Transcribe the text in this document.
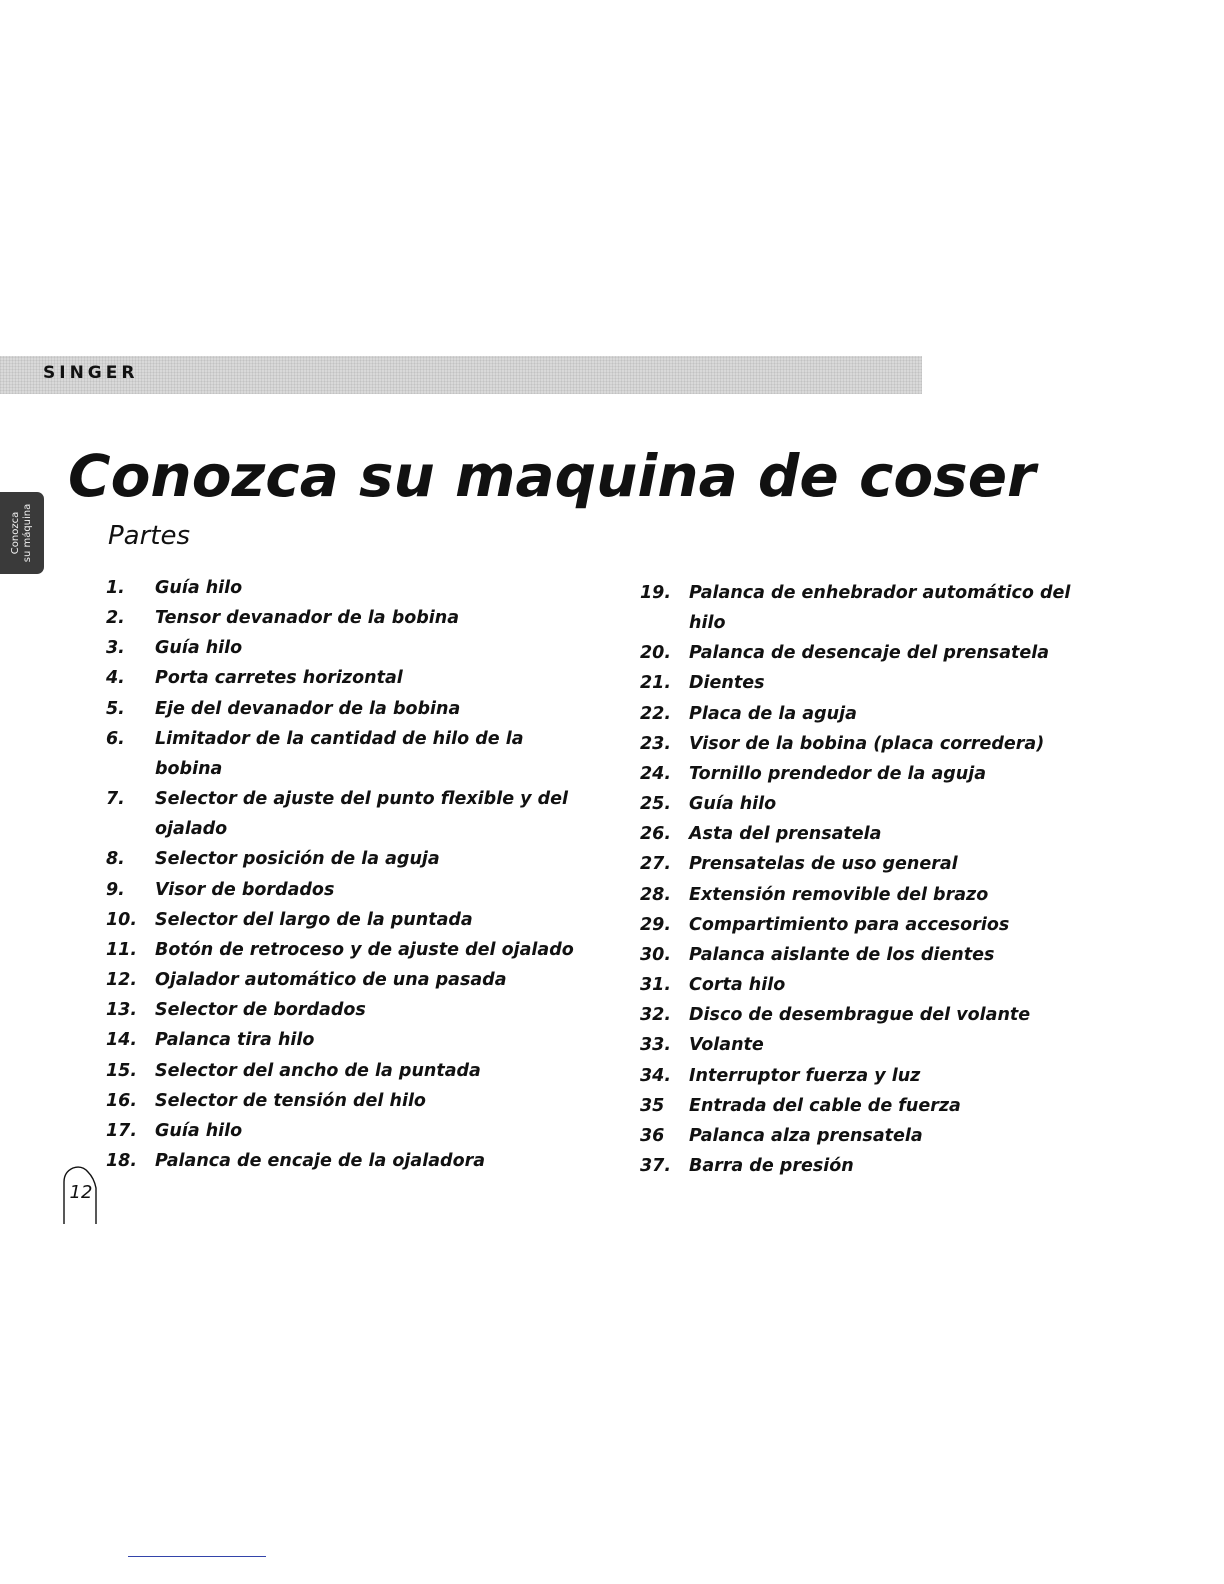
SINGER
Conozca su máquina
Conozca su maquina de coser
Partes
1.	Guía hilo
2.	Tensor devanador de la bobina
3.	Guía hilo
4.	Porta carretes horizontal
5.	Eje del devanador de la bobina
6.	Limitador de la cantidad de hilo de la bobina
7.	Selector de ajuste del punto flexible y del ojalado
8.	Selector posición de la aguja
9.	Visor de bordados
10.	Selector del largo de la puntada
11.	Botón de retroceso y de ajuste del ojalado
12.	Ojalador automático de una pasada
13.	Selector de bordados
14.	Palanca tira hilo
15.	Selector del ancho de la puntada
16.	Selector de tensión del hilo
17.	Guía hilo
18.	Palanca de encaje de la ojaladora
19.	Palanca de enhebrador automático del hilo
20.	Palanca de desencaje del prensatela
21.	Dientes
22.	Placa de la aguja
23.	Visor de la bobina (placa corredera)
24.	Tornillo prendedor de la aguja
25.	Guía hilo
26.	Asta del prensatela
27.	Prensatelas de uso general
28.	Extensión removible del brazo
29.	Compartimiento para accesorios
30.	Palanca aislante de los dientes
31.	Corta hilo
32.	Disco de desembrague del volante
33.	Volante
34.	Interruptor fuerza y luz
35	Entrada del cable de fuerza
36	Palanca alza prensatela
37.	Barra de presión
12
